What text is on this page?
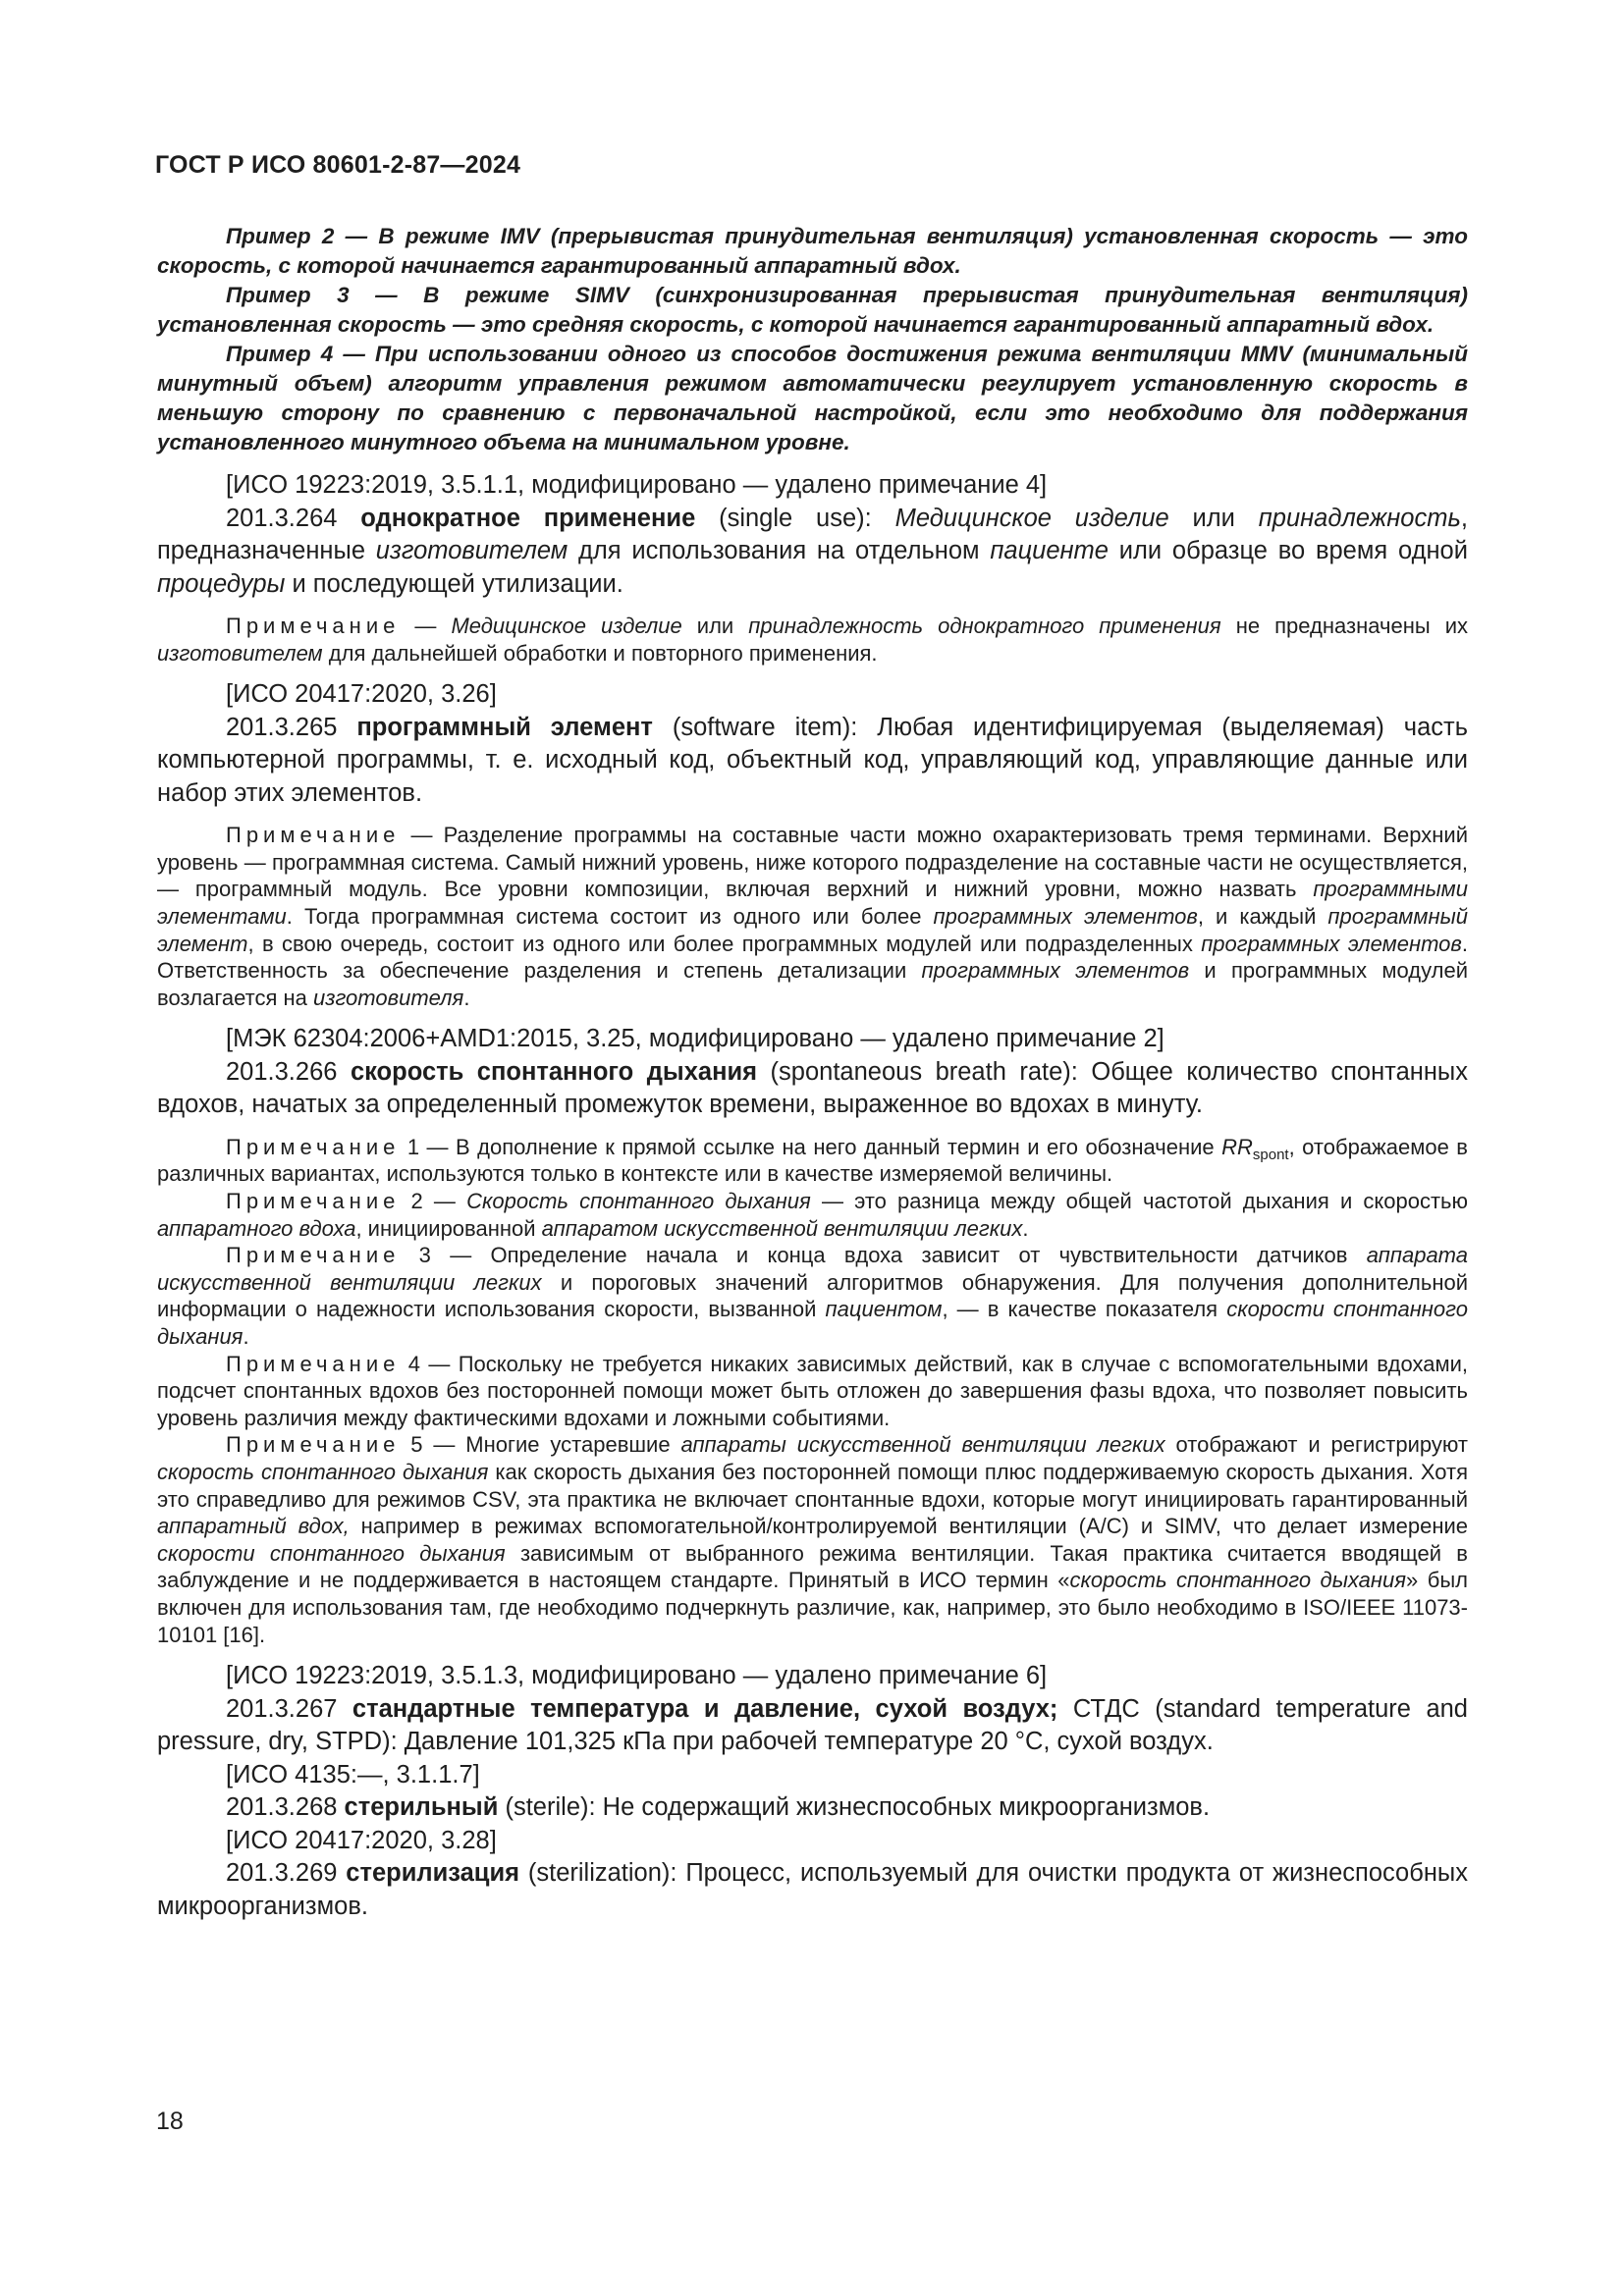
ГОСТ Р ИСО 80601-2-87—2024

Пример 2 — В режиме IMV (прерывистая принудительная вентиляция) установленная скорость — это скорость, с которой начинается гарантированный аппаратный вдох.

Пример 3 — В режиме SIMV (синхронизированная прерывистая принудительная вентиляция) установленная скорость — это средняя скорость, с которой начинается гарантированный аппаратный вдох.

Пример 4 — При использовании одного из способов достижения режима вентиляции MMV (минимальный минутный объем) алгоритм управления режимом автоматически регулирует установленную скорость в меньшую сторону по сравнению с первоначальной настройкой, если это необходимо для поддержания установленного минутного объема на минимальном уровне.

[ИСО 19223:2019, 3.5.1.1, модифицировано — удалено примечание 4]

201.3.264 однократное применение (single use): Медицинское изделие или принадлежность, предназначенные изготовителем для использования на отдельном пациенте или образце во время одной процедуры и последующей утилизации.

Примечание — Медицинское изделие или принадлежность однократного применения не предназначены их изготовителем для дальнейшей обработки и повторного применения.

[ИСО 20417:2020, 3.26]

201.3.265 программный элемент (software item): Любая идентифицируемая (выделяемая) часть компьютерной программы, т. е. исходный код, объектный код, управляющий код, управляющие данные или набор этих элементов.

Примечание — Разделение программы на составные части можно охарактеризовать тремя терминами. Верхний уровень — программная система. Самый нижний уровень, ниже которого подразделение на составные части не осуществляется, — программный модуль. Все уровни композиции, включая верхний и нижний уровни, можно назвать программными элементами. Тогда программная система состоит из одного или более программных элементов, и каждый программный элемент, в свою очередь, состоит из одного или более программных модулей или подразделенных программных элементов. Ответственность за обеспечение разделения и степень детализации программных элементов и программных модулей возлагается на изготовителя.

[МЭК 62304:2006+AMD1:2015, 3.25, модифицировано — удалено примечание 2]

201.3.266 скорость спонтанного дыхания (spontaneous breath rate): Общее количество спонтанных вдохов, начатых за определенный промежуток времени, выраженное во вдохах в минуту.

Примечание 1 — В дополнение к прямой ссылке на него данный термин и его обозначение $RR_{spont}$, отображаемое в различных вариантах, используются только в контексте или в качестве измеряемой величины.

Примечание 2 — Скорость спонтанного дыхания — это разница между общей частотой дыхания и скоростью аппаратного вдоха, инициированной аппаратом искусственной вентиляции легких.

Примечание 3 — Определение начала и конца вдоха зависит от чувствительности датчиков аппарата искусственной вентиляции легких и пороговых значений алгоритмов обнаружения. Для получения дополнительной информации о надежности использования скорости, вызванной пациентом, — в качестве показателя скорости спонтанного дыхания.

Примечание 4 — Поскольку не требуется никаких зависимых действий, как в случае с вспомогательными вдохами, подсчет спонтанных вдохов без посторонней помощи может быть отложен до завершения фазы вдоха, что позволяет повысить уровень различия между фактическими вдохами и ложными событиями.

Примечание 5 — Многие устаревшие аппараты искусственной вентиляции легких отображают и регистрируют скорость спонтанного дыхания как скорость дыхания без посторонней помощи плюс поддерживаемую скорость дыхания. Хотя это справедливо для режимов CSV, эта практика не включает спонтанные вдохи, которые могут инициировать гарантированный аппаратный вдох, например в режимах вспомогательной/контролируемой вентиляции (A/C) и SIMV, что делает измерение скорости спонтанного дыхания зависимым от выбранного режима вентиляции. Такая практика считается вводящей в заблуждение и не поддерживается в настоящем стандарте. Принятый в ИСО термин «скорость спонтанного дыхания» был включен для использования там, где необходимо подчеркнуть различие, как, например, это было необходимо в ISO/IEEE 11073-10101 [16].

[ИСО 19223:2019, 3.5.1.3, модифицировано — удалено примечание 6]

201.3.267 стандартные температура и давление, сухой воздух; СТДС (standard temperature and pressure, dry, STPD): Давление 101,325 кПа при рабочей температуре 20 °C, сухой воздух.

[ИСО 4135:—, 3.1.1.7]

201.3.268 стерильный (sterile): Не содержащий жизнеспособных микроорганизмов.

[ИСО 20417:2020, 3.28]

201.3.269 стерилизация (sterilization): Процесс, используемый для очистки продукта от жизнеспособных микроорганизмов.

18
